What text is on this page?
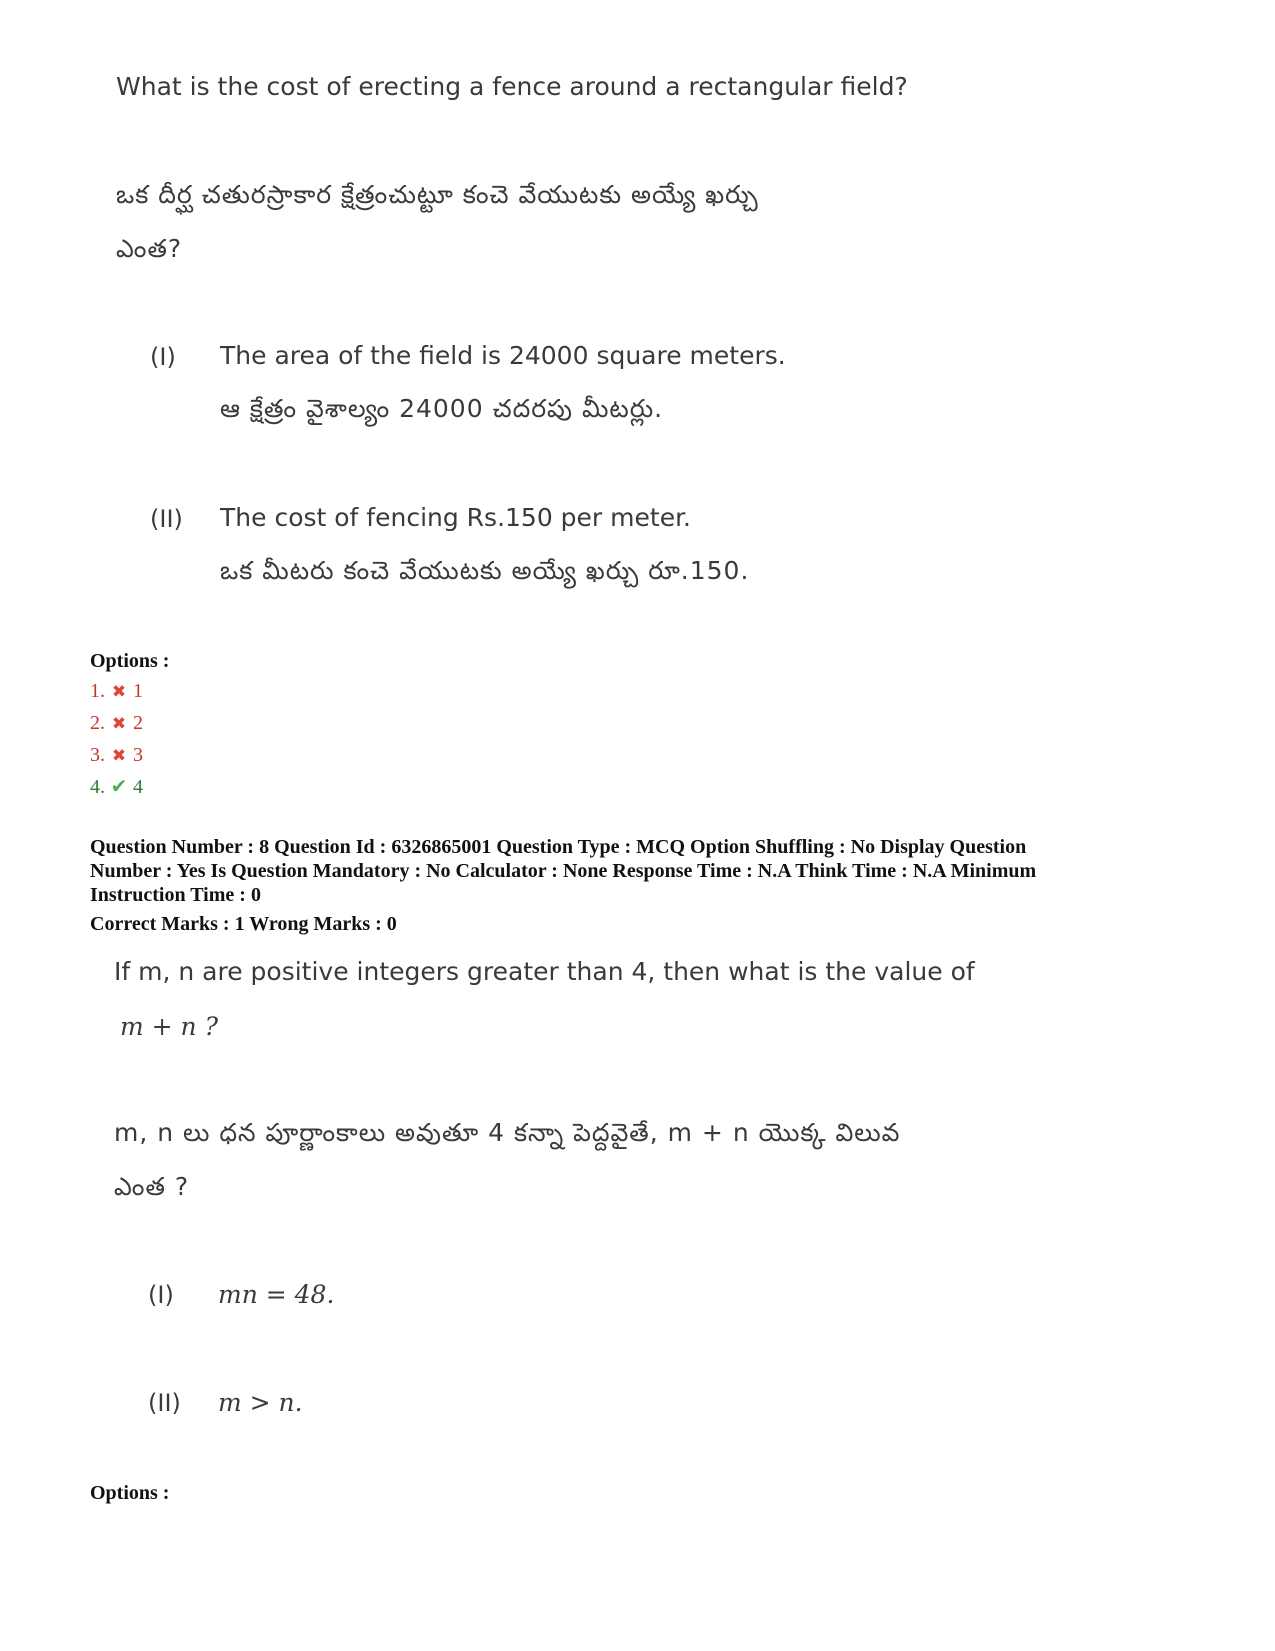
What is the cost of erecting a fence around a rectangular field?
ఒక దీర్ఘ చతురస్రాకార క్షేత్రంచుట్టూ కంచె వేయుటకు అయ్యే ఖర్చు
ఎంత?
(I) The area of the field is 24000 square meters.
ఆ క్షేత్రం వైశాల్యం 24000 చదరపు మీటర్లు.
(II) The cost of fencing Rs.150 per meter.
ఒక మీటరు కంచె వేయుటకు అయ్యే ఖర్చు రూ.150.
Options :
1. ✖ 1
2. ✖ 2
3. ✖ 3
4. ✔ 4
Question Number : 8 Question Id : 6326865001 Question Type : MCQ Option Shuffling : No Display Question
Number : Yes Is Question Mandatory : No Calculator : None Response Time : N.A Think Time : N.A Minimum
Instruction Time : 0
Correct Marks : 1 Wrong Marks : 0
If m, n are positive integers greater than 4, then what is the value of
m + n ?
m, n లు ధన పూర్ణాంకాలు అవుతూ 4 కన్నా పెద్దవైతే, m + n యొక్క విలువ
ఎంత ?
(I) mn = 48.
(II) m > n.
Options :
